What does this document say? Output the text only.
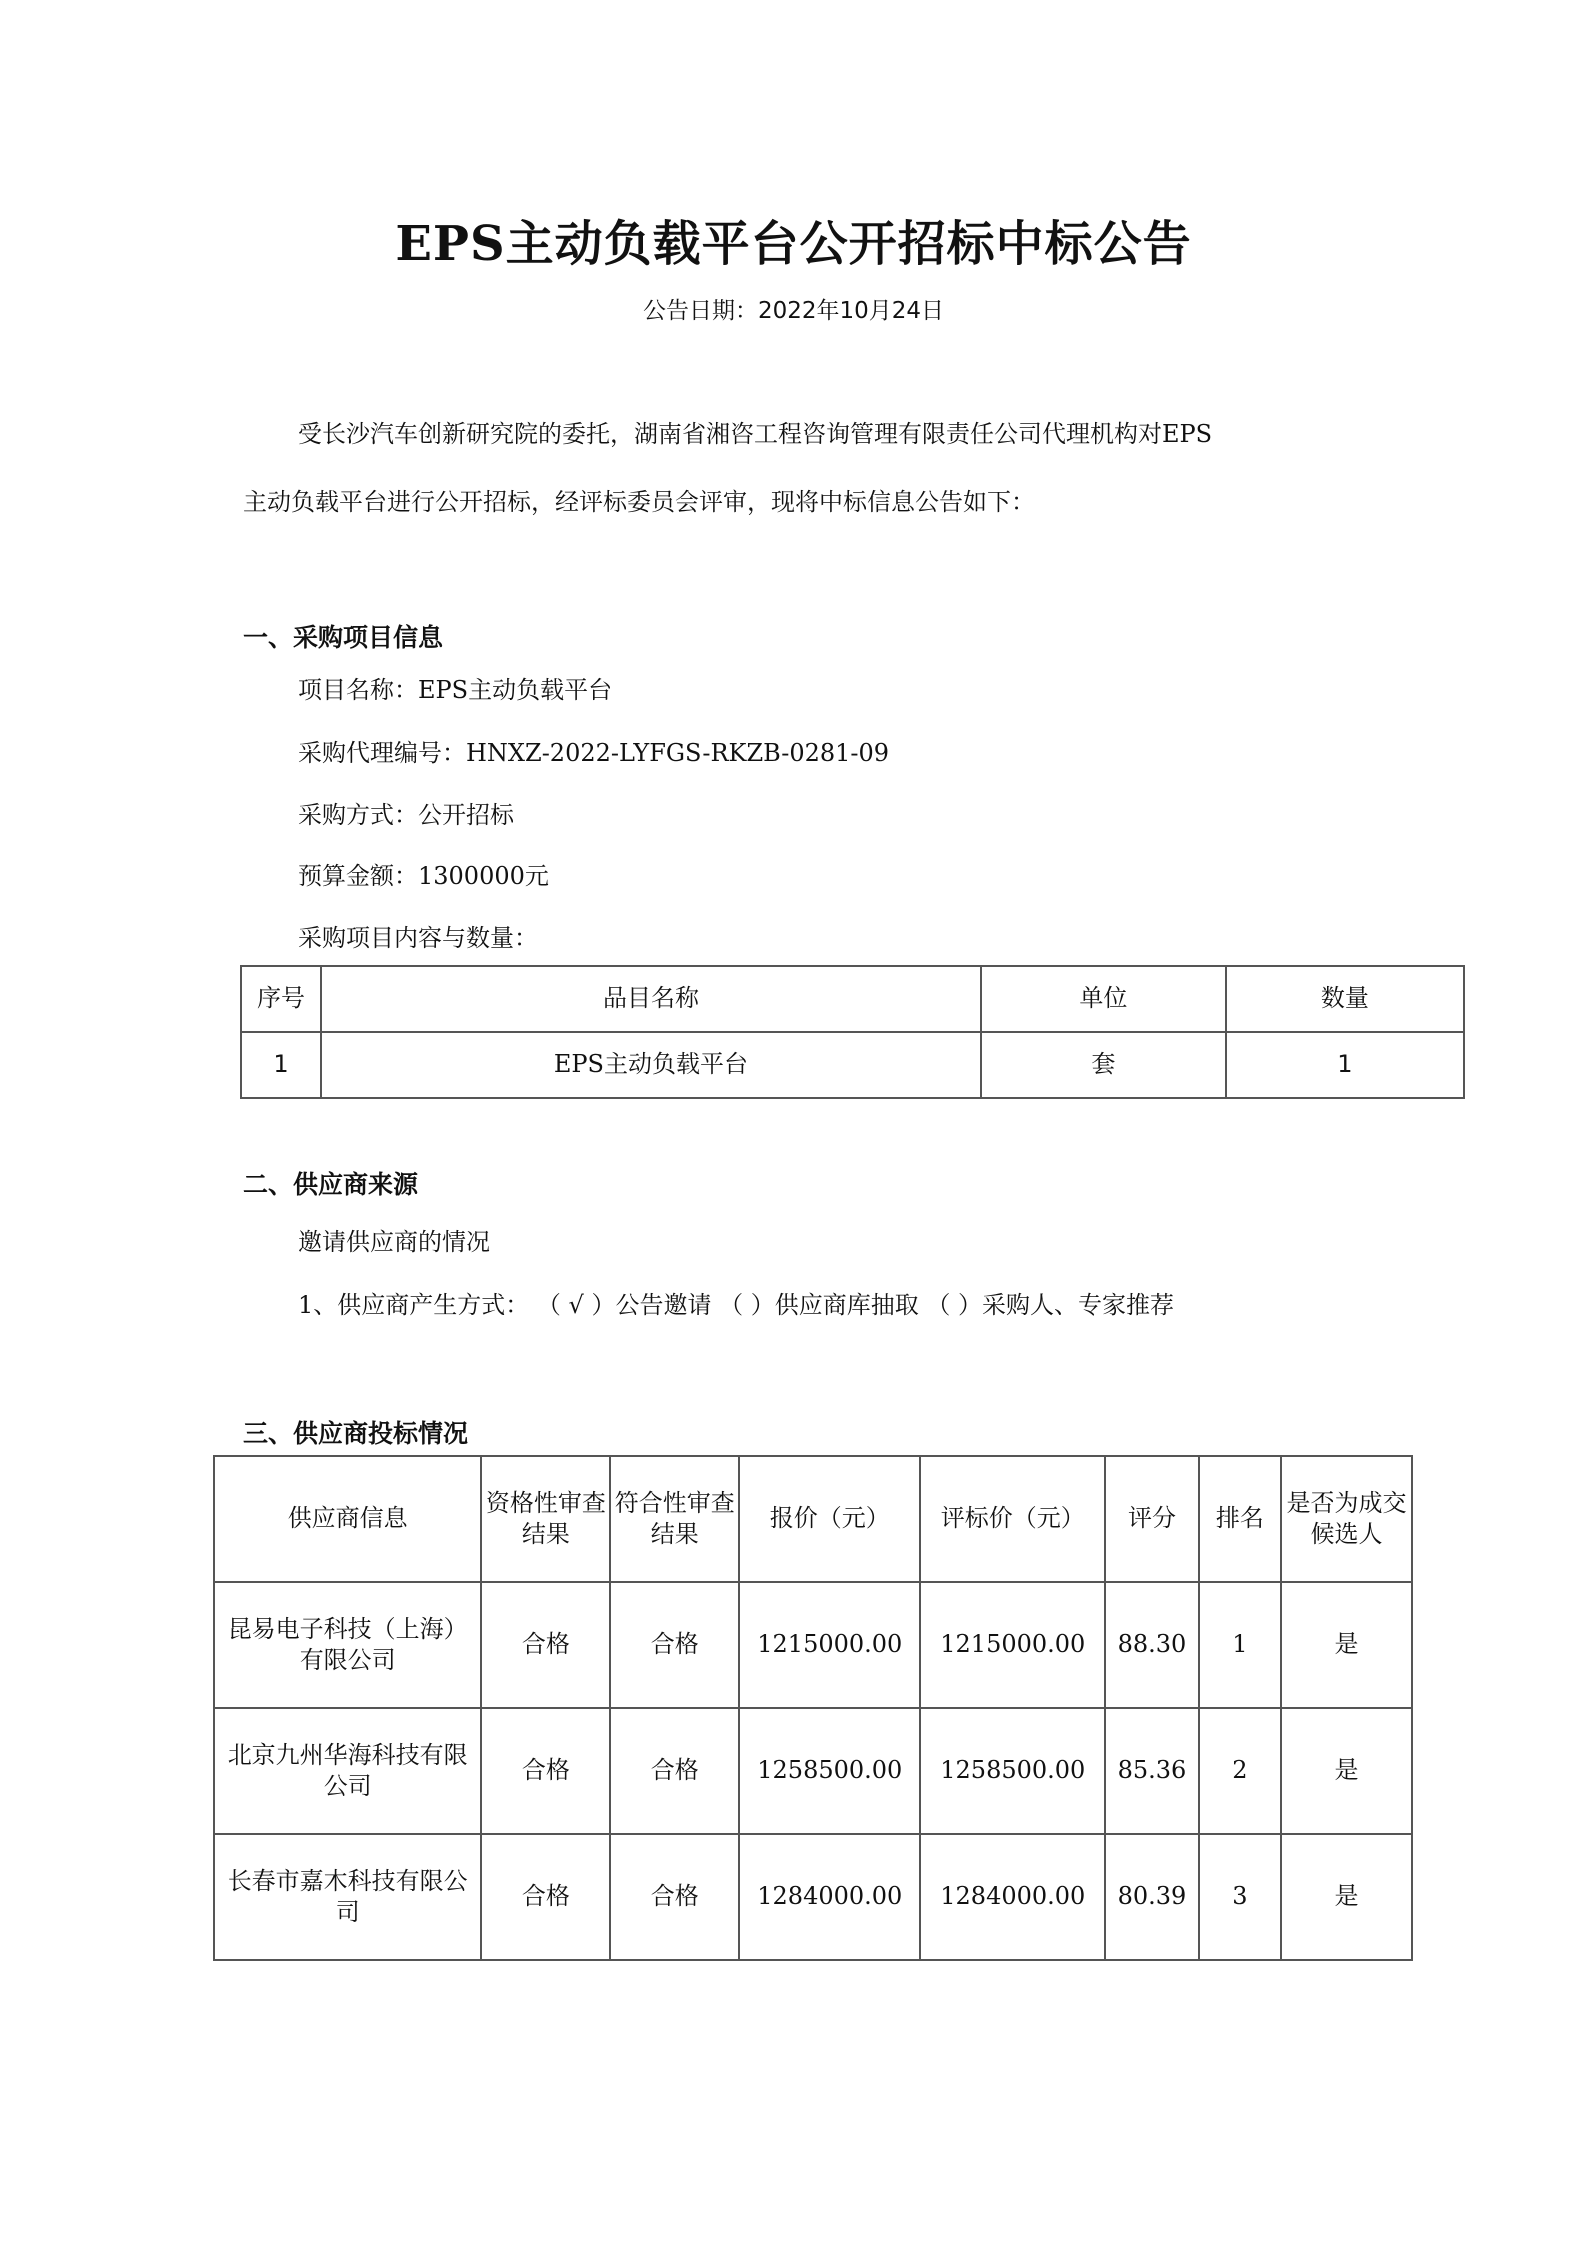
EPS主动负载平台公开招标中标公告
公告日期：2022年10月24日
受长沙汽车创新研究院的委托，湖南省湘咨工程咨询管理有限责任公司代理机构对EPS
主动负载平台进行公开招标，经评标委员会评审，现将中标信息公告如下：
一、采购项目信息
项目名称：EPS主动负载平台
采购代理编号：HNXZ-2022-LYFGS-RKZB-0281-09
采购方式：公开招标
预算金额：1300000元
采购项目内容与数量：
序号	品目名称	单位	数量
1	EPS主动负载平台	套	1
二、供应商来源
邀请供应商的情况
1、供应商产生方式： （ √ ）公告邀请 （ ）供应商库抽取 （ ）采购人、专家推荐
三、供应商投标情况
供应商信息	资格性审查结果	符合性审查结果	报价（元）	评标价（元）	评分	排名	是否为成交候选人
昆易电子科技（上海）有限公司	合格	合格	1215000.00	1215000.00	88.30	1	是
北京九州华海科技有限公司	合格	合格	1258500.00	1258500.00	85.36	2	是
长春市嘉木科技有限公司	合格	合格	1284000.00	1284000.00	80.39	3	是
